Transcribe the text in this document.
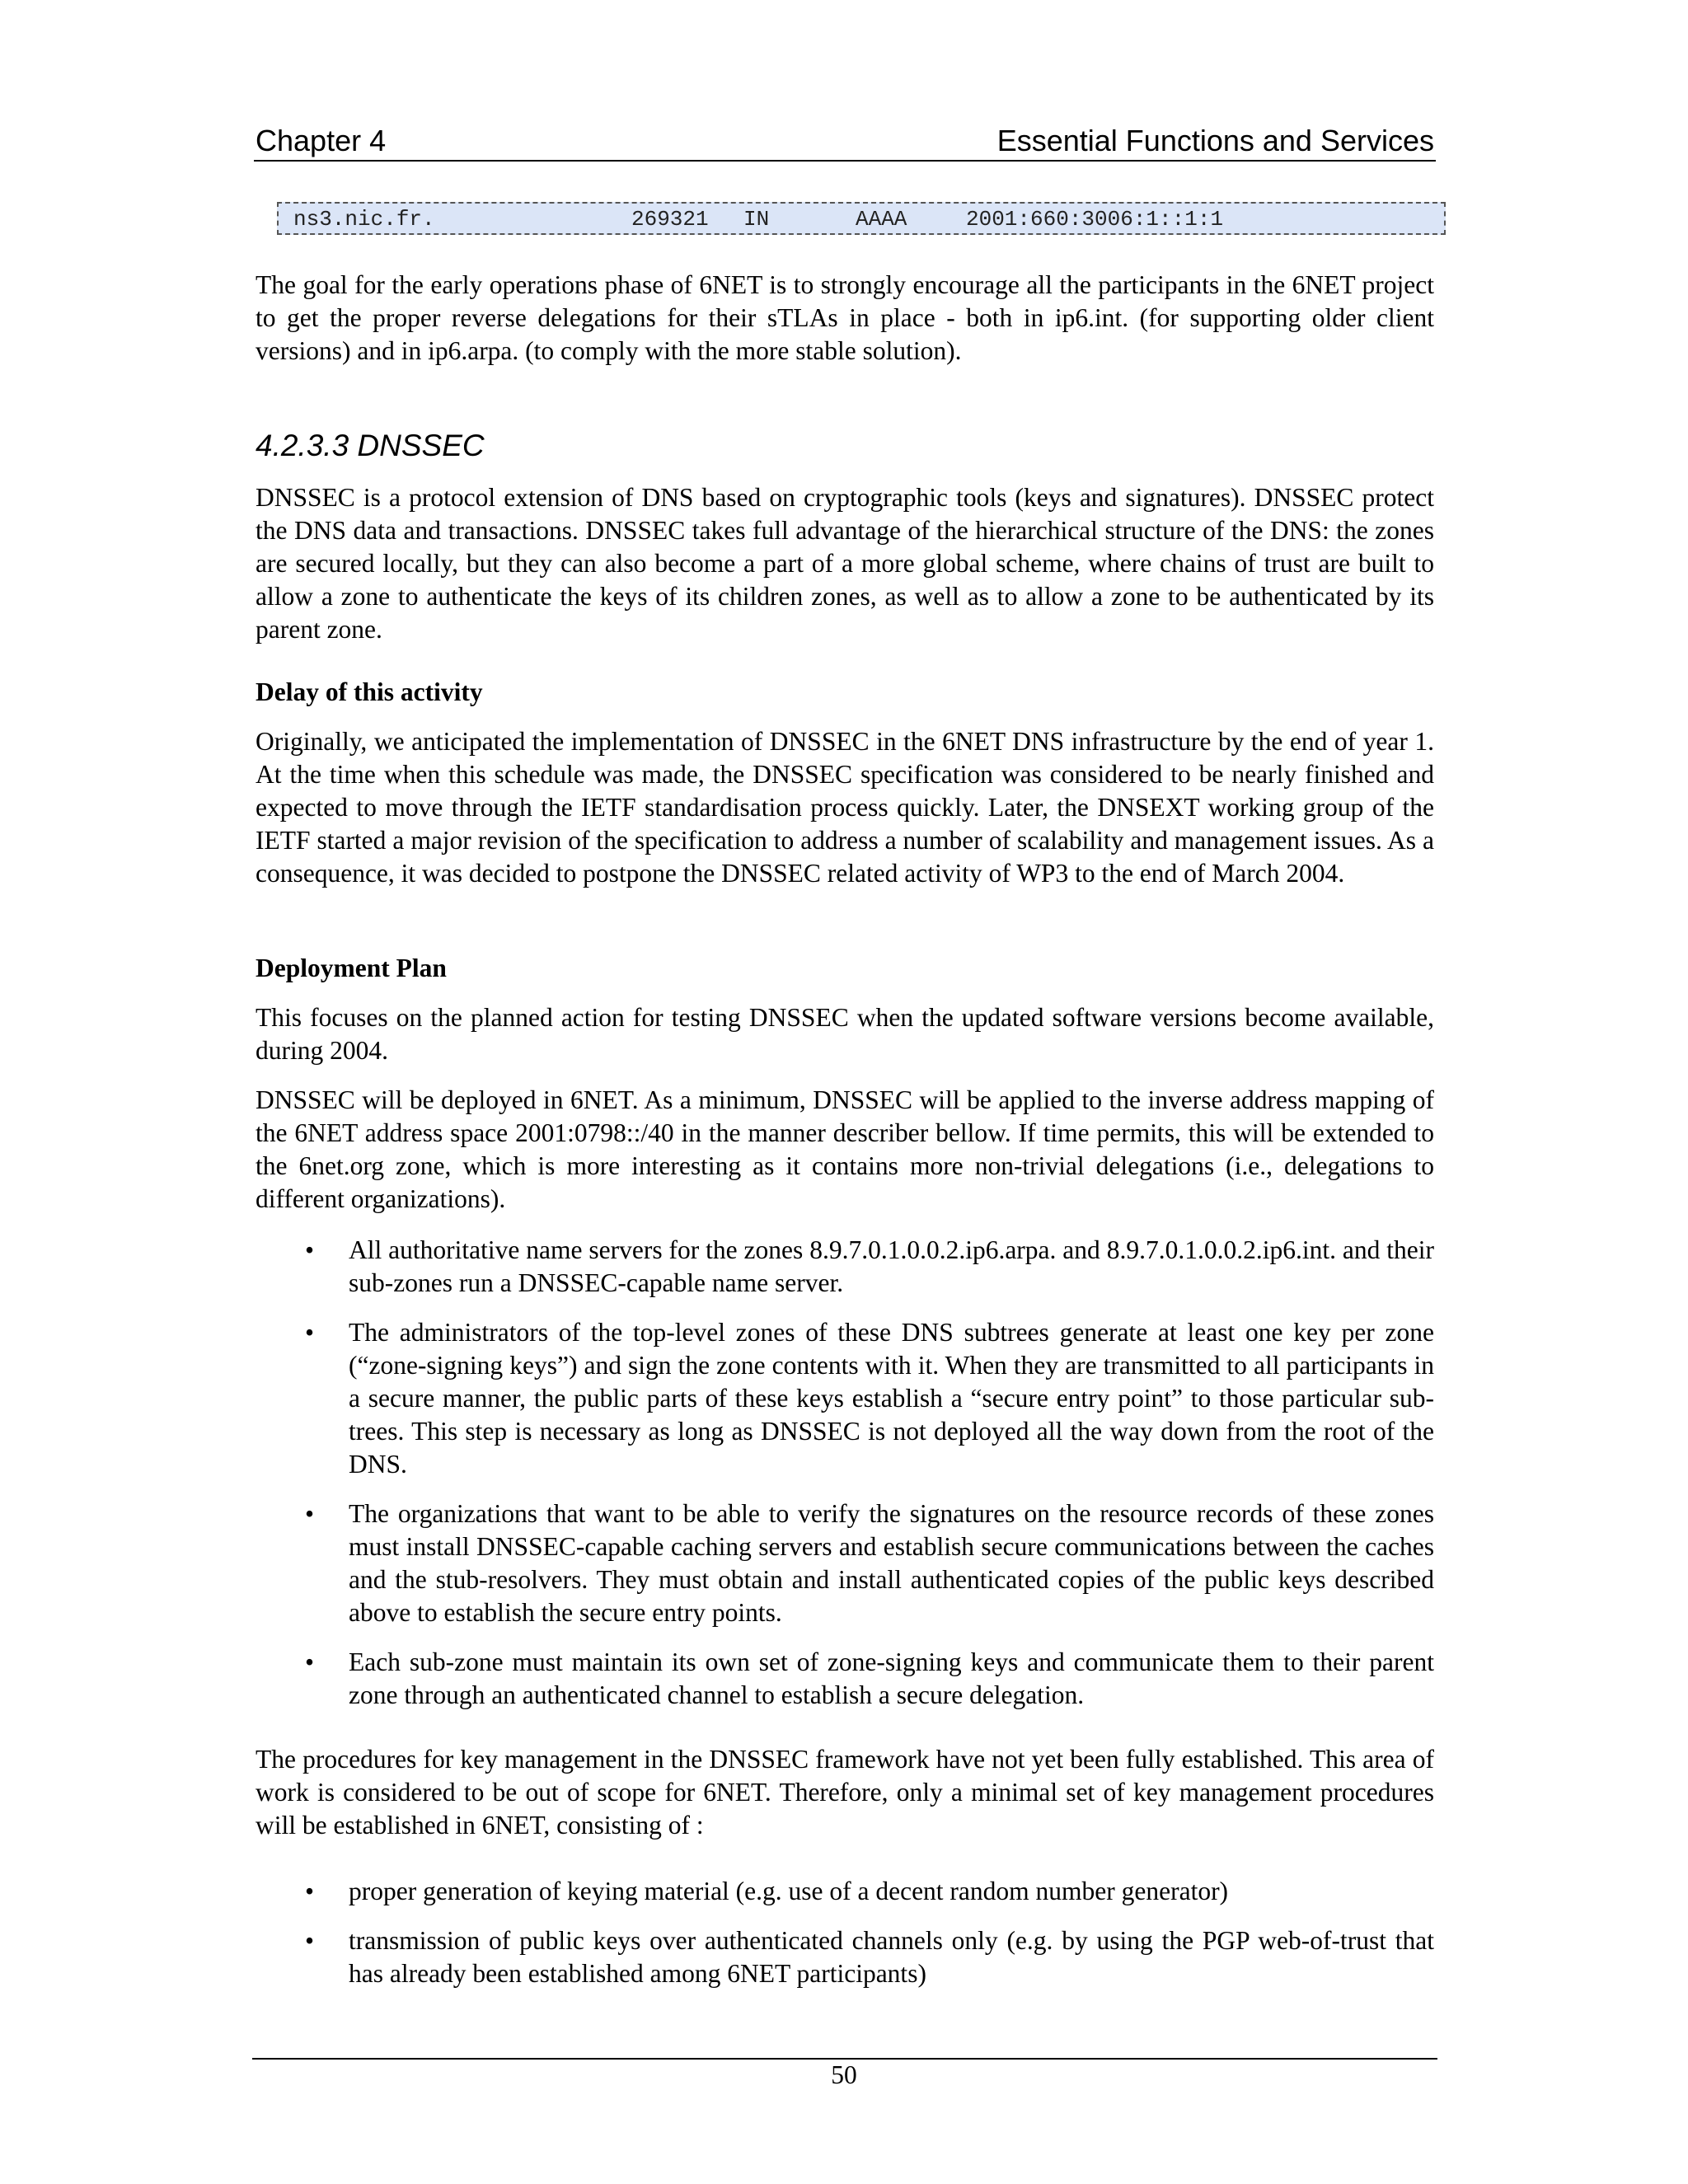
Chapter 4	Essential Functions and Services
ns3.nic.fr.	269321 IN	AAAA	2001:660:3006:1::1:1

The goal for the early operations phase of 6NET is to strongly encourage all the participants in the 6NET project to get the proper reverse delegations for their sTLAs in place - both in ip6.int. (for supporting older client versions) and in ip6.arpa. (to comply with the more stable solution).

4.2.3.3 DNSSEC

DNSSEC is a protocol extension of DNS based on cryptographic tools (keys and signatures). DNSSEC protect the DNS data and transactions. DNSSEC takes full advantage of the hierarchical structure of the DNS: the zones are secured locally, but they can also become a part of a more global scheme, where chains of trust are built to allow a zone to authenticate the keys of its children zones, as well as to allow a zone to be authenticated by its parent zone.

Delay of this activity

Originally, we anticipated the implementation of DNSSEC in the 6NET DNS infrastructure by the end of year 1. At the time when this schedule was made, the DNSSEC specification was considered to be nearly finished and expected to move through the IETF standardisation process quickly. Later, the DNSEXT working group of the IETF started a major revision of the specification to address a number of scalability and management issues. As a consequence, it was decided to postpone the DNSSEC related activity of WP3 to the end of March 2004.

Deployment Plan

This focuses on the planned action for testing DNSSEC when the updated software versions become available, during 2004.

DNSSEC will be deployed in 6NET. As a minimum, DNSSEC will be applied to the inverse address mapping of the 6NET address space 2001:0798::/40 in the manner describer bellow. If time permits, this will be extended to the 6net.org zone, which is more interesting as it contains more non-trivial delegations (i.e., delegations to different organizations).

• All authoritative name servers for the zones 8.9.7.0.1.0.0.2.ip6.arpa. and 8.9.7.0.1.0.0.2.ip6.int. and their sub-zones run a DNSSEC-capable name server.
• The administrators of the top-level zones of these DNS subtrees generate at least one key per zone (“zone-signing keys”) and sign the zone contents with it. When they are transmitted to all participants in a secure manner, the public parts of these keys establish a “secure entry point” to those particular sub-trees. This step is necessary as long as DNSSEC is not deployed all the way down from the root of the DNS.
• The organizations that want to be able to verify the signatures on the resource records of these zones must install DNSSEC-capable caching servers and establish secure communications between the caches and the stub-resolvers. They must obtain and install authenticated copies of the public keys described above to establish the secure entry points.
• Each sub-zone must maintain its own set of zone-signing keys and communicate them to their parent zone through an authenticated channel to establish a secure delegation.

The procedures for key management in the DNSSEC framework have not yet been fully established. This area of work is considered to be out of scope for 6NET. Therefore, only a minimal set of key management procedures will be established in 6NET, consisting of :

• proper generation of keying material (e.g. use of a decent random number generator)
• transmission of public keys over authenticated channels only (e.g. by using the PGP web-of-trust that has already been established among 6NET participants)
50
